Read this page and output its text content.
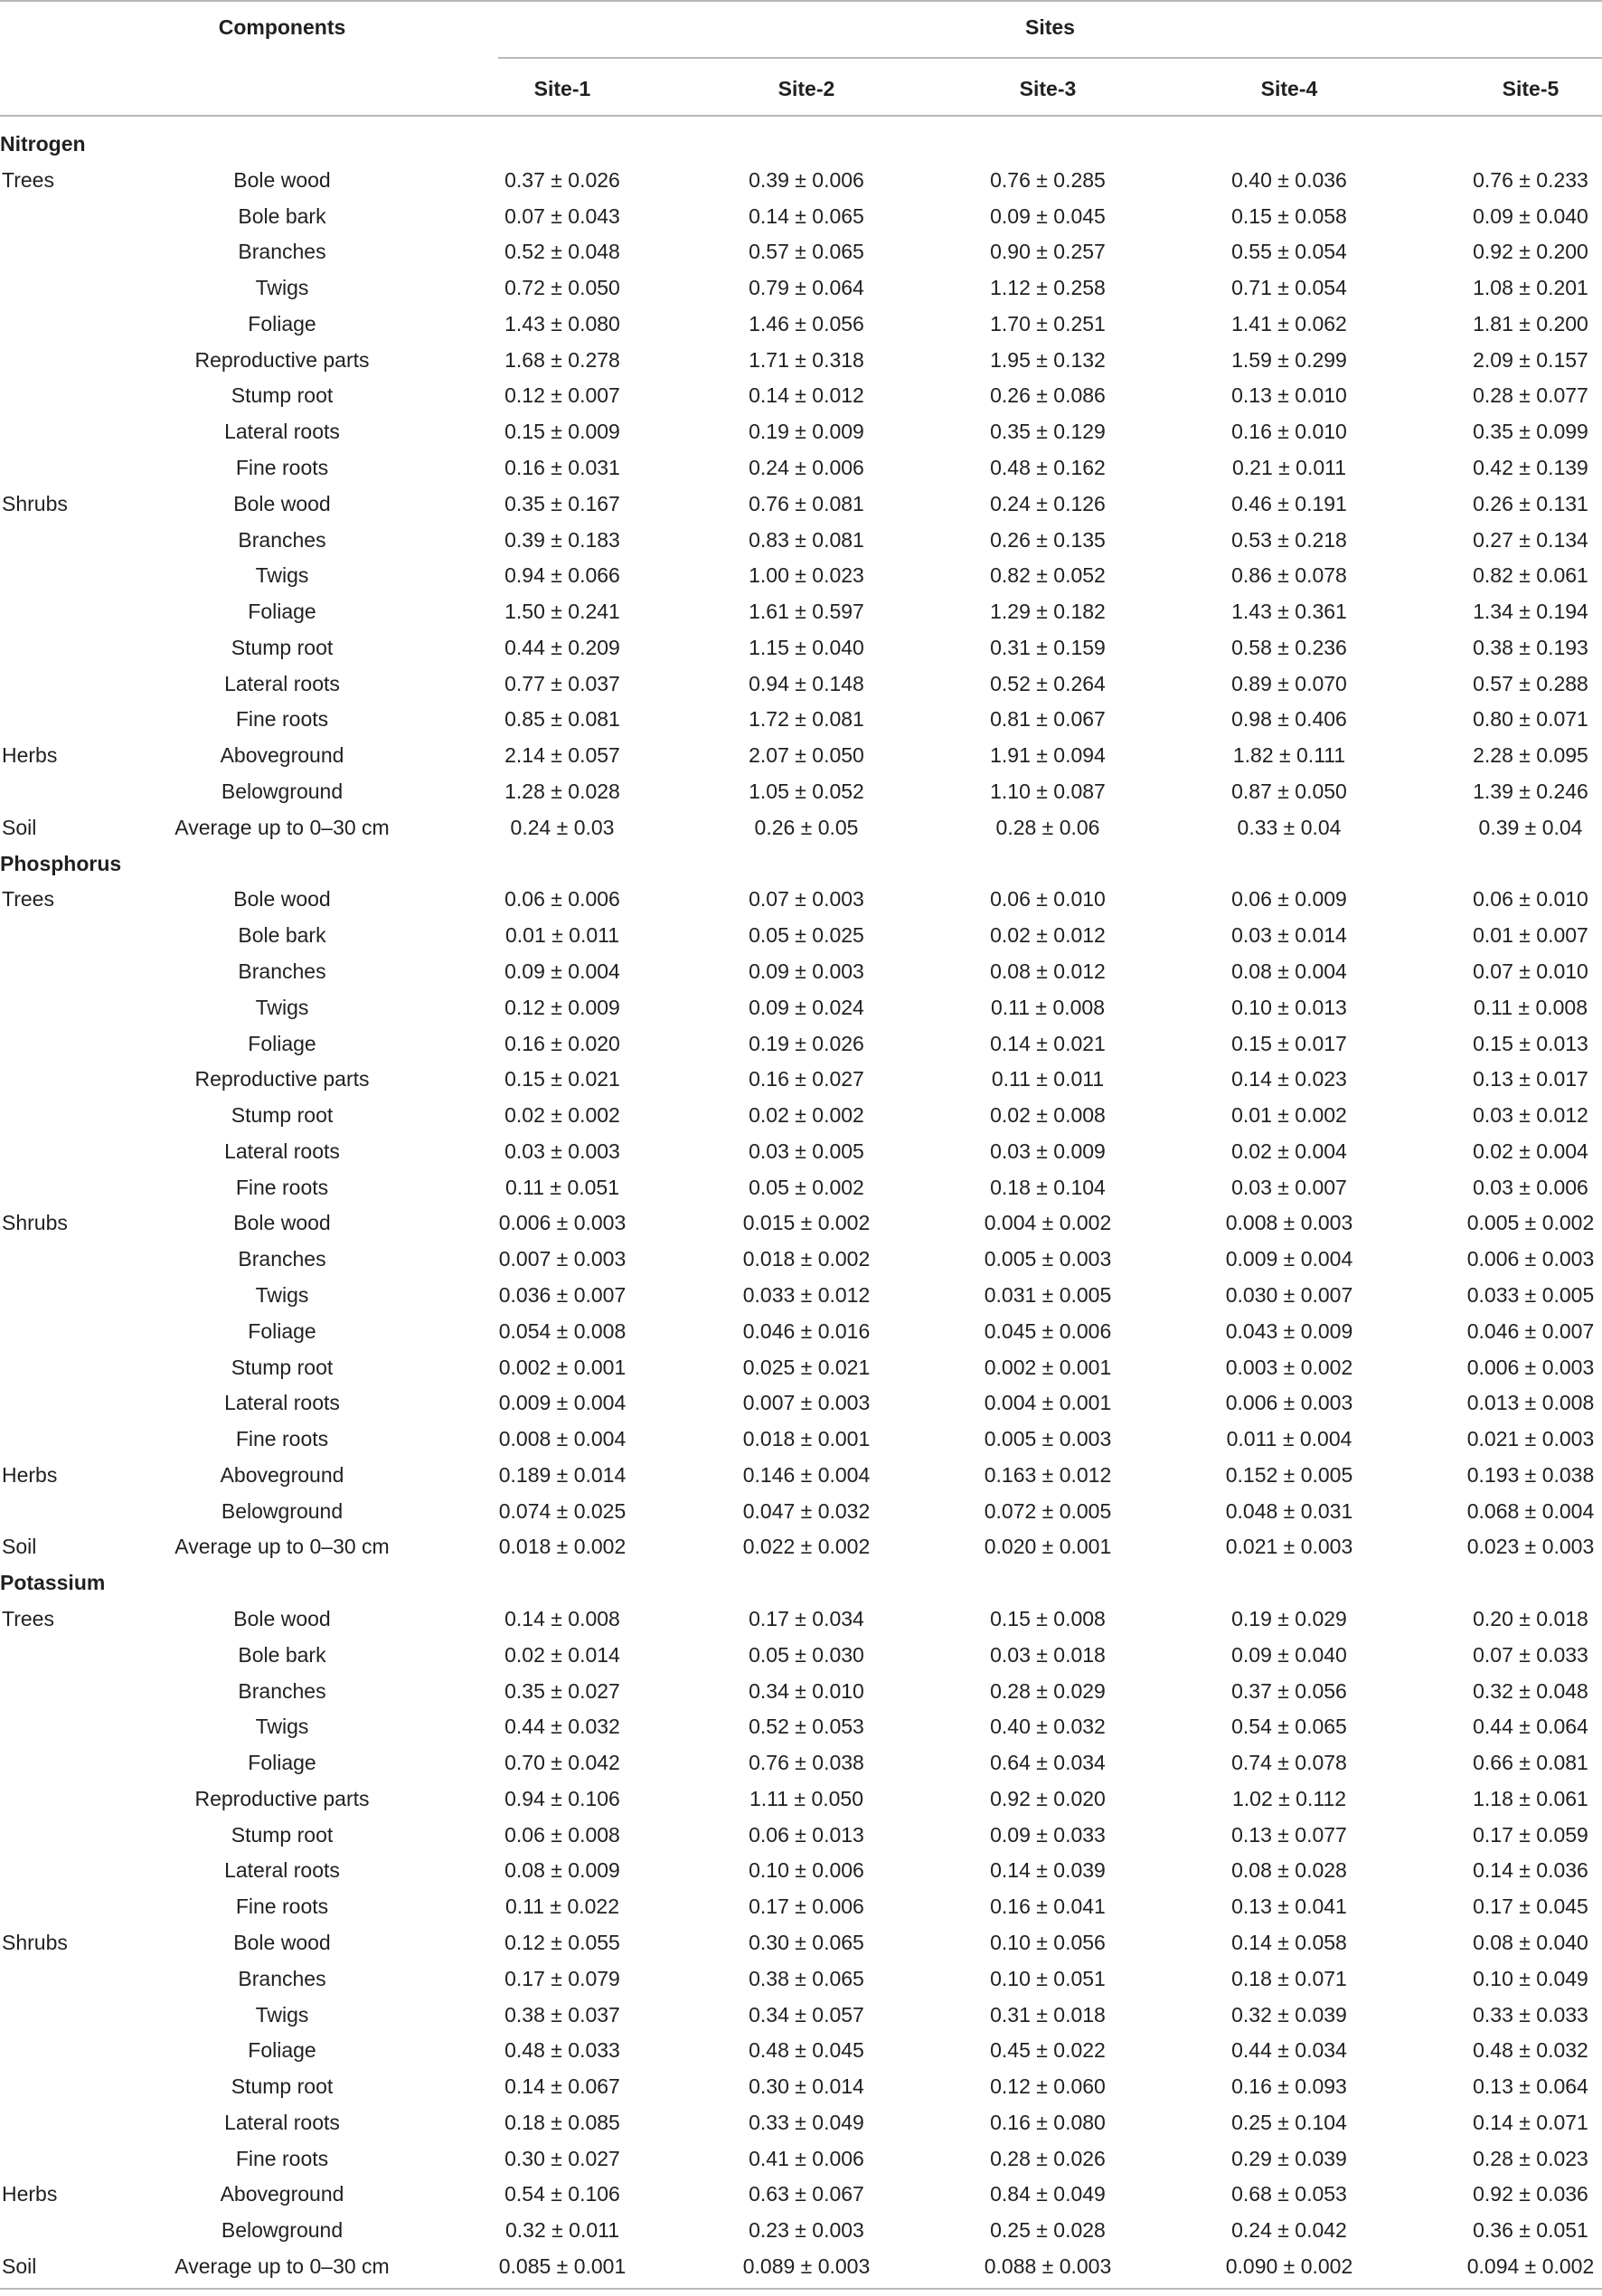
Components	Sites
Site-1	Site-2	Site-3	Site-4	Site-5
Nitrogen
Trees	Bole wood	0.37 ± 0.026	0.39 ± 0.006	0.76 ± 0.285	0.40 ± 0.036	0.76 ± 0.233
Bole bark	0.07 ± 0.043	0.14 ± 0.065	0.09 ± 0.045	0.15 ± 0.058	0.09 ± 0.040
Branches	0.52 ± 0.048	0.57 ± 0.065	0.90 ± 0.257	0.55 ± 0.054	0.92 ± 0.200
Twigs	0.72 ± 0.050	0.79 ± 0.064	1.12 ± 0.258	0.71 ± 0.054	1.08 ± 0.201
Foliage	1.43 ± 0.080	1.46 ± 0.056	1.70 ± 0.251	1.41 ± 0.062	1.81 ± 0.200
Reproductive parts	1.68 ± 0.278	1.71 ± 0.318	1.95 ± 0.132	1.59 ± 0.299	2.09 ± 0.157
Stump root	0.12 ± 0.007	0.14 ± 0.012	0.26 ± 0.086	0.13 ± 0.010	0.28 ± 0.077
Lateral roots	0.15 ± 0.009	0.19 ± 0.009	0.35 ± 0.129	0.16 ± 0.010	0.35 ± 0.099
Fine roots	0.16 ± 0.031	0.24 ± 0.006	0.48 ± 0.162	0.21 ± 0.011	0.42 ± 0.139
Shrubs	Bole wood	0.35 ± 0.167	0.76 ± 0.081	0.24 ± 0.126	0.46 ± 0.191	0.26 ± 0.131
Branches	0.39 ± 0.183	0.83 ± 0.081	0.26 ± 0.135	0.53 ± 0.218	0.27 ± 0.134
Twigs	0.94 ± 0.066	1.00 ± 0.023	0.82 ± 0.052	0.86 ± 0.078	0.82 ± 0.061
Foliage	1.50 ± 0.241	1.61 ± 0.597	1.29 ± 0.182	1.43 ± 0.361	1.34 ± 0.194
Stump root	0.44 ± 0.209	1.15 ± 0.040	0.31 ± 0.159	0.58 ± 0.236	0.38 ± 0.193
Lateral roots	0.77 ± 0.037	0.94 ± 0.148	0.52 ± 0.264	0.89 ± 0.070	0.57 ± 0.288
Fine roots	0.85 ± 0.081	1.72 ± 0.081	0.81 ± 0.067	0.98 ± 0.406	0.80 ± 0.071
Herbs	Aboveground	2.14 ± 0.057	2.07 ± 0.050	1.91 ± 0.094	1.82 ± 0.111	2.28 ± 0.095
Belowground	1.28 ± 0.028	1.05 ± 0.052	1.10 ± 0.087	0.87 ± 0.050	1.39 ± 0.246
Soil	Average up to 0–30 cm	0.24 ± 0.03	0.26 ± 0.05	0.28 ± 0.06	0.33 ± 0.04	0.39 ± 0.04
Phosphorus
Trees	Bole wood	0.06 ± 0.006	0.07 ± 0.003	0.06 ± 0.010	0.06 ± 0.009	0.06 ± 0.010
Bole bark	0.01 ± 0.011	0.05 ± 0.025	0.02 ± 0.012	0.03 ± 0.014	0.01 ± 0.007
Branches	0.09 ± 0.004	0.09 ± 0.003	0.08 ± 0.012	0.08 ± 0.004	0.07 ± 0.010
Twigs	0.12 ± 0.009	0.09 ± 0.024	0.11 ± 0.008	0.10 ± 0.013	0.11 ± 0.008
Foliage	0.16 ± 0.020	0.19 ± 0.026	0.14 ± 0.021	0.15 ± 0.017	0.15 ± 0.013
Reproductive parts	0.15 ± 0.021	0.16 ± 0.027	0.11 ± 0.011	0.14 ± 0.023	0.13 ± 0.017
Stump root	0.02 ± 0.002	0.02 ± 0.002	0.02 ± 0.008	0.01 ± 0.002	0.03 ± 0.012
Lateral roots	0.03 ± 0.003	0.03 ± 0.005	0.03 ± 0.009	0.02 ± 0.004	0.02 ± 0.004
Fine roots	0.11 ± 0.051	0.05 ± 0.002	0.18 ± 0.104	0.03 ± 0.007	0.03 ± 0.006
Shrubs	Bole wood	0.006 ± 0.003	0.015 ± 0.002	0.004 ± 0.002	0.008 ± 0.003	0.005 ± 0.002
Branches	0.007 ± 0.003	0.018 ± 0.002	0.005 ± 0.003	0.009 ± 0.004	0.006 ± 0.003
Twigs	0.036 ± 0.007	0.033 ± 0.012	0.031 ± 0.005	0.030 ± 0.007	0.033 ± 0.005
Foliage	0.054 ± 0.008	0.046 ± 0.016	0.045 ± 0.006	0.043 ± 0.009	0.046 ± 0.007
Stump root	0.002 ± 0.001	0.025 ± 0.021	0.002 ± 0.001	0.003 ± 0.002	0.006 ± 0.003
Lateral roots	0.009 ± 0.004	0.007 ± 0.003	0.004 ± 0.001	0.006 ± 0.003	0.013 ± 0.008
Fine roots	0.008 ± 0.004	0.018 ± 0.001	0.005 ± 0.003	0.011 ± 0.004	0.021 ± 0.003
Herbs	Aboveground	0.189 ± 0.014	0.146 ± 0.004	0.163 ± 0.012	0.152 ± 0.005	0.193 ± 0.038
Belowground	0.074 ± 0.025	0.047 ± 0.032	0.072 ± 0.005	0.048 ± 0.031	0.068 ± 0.004
Soil	Average up to 0–30 cm	0.018 ± 0.002	0.022 ± 0.002	0.020 ± 0.001	0.021 ± 0.003	0.023 ± 0.003
Potassium
Trees	Bole wood	0.14 ± 0.008	0.17 ± 0.034	0.15 ± 0.008	0.19 ± 0.029	0.20 ± 0.018
Bole bark	0.02 ± 0.014	0.05 ± 0.030	0.03 ± 0.018	0.09 ± 0.040	0.07 ± 0.033
Branches	0.35 ± 0.027	0.34 ± 0.010	0.28 ± 0.029	0.37 ± 0.056	0.32 ± 0.048
Twigs	0.44 ± 0.032	0.52 ± 0.053	0.40 ± 0.032	0.54 ± 0.065	0.44 ± 0.064
Foliage	0.70 ± 0.042	0.76 ± 0.038	0.64 ± 0.034	0.74 ± 0.078	0.66 ± 0.081
Reproductive parts	0.94 ± 0.106	1.11 ± 0.050	0.92 ± 0.020	1.02 ± 0.112	1.18 ± 0.061
Stump root	0.06 ± 0.008	0.06 ± 0.013	0.09 ± 0.033	0.13 ± 0.077	0.17 ± 0.059
Lateral roots	0.08 ± 0.009	0.10 ± 0.006	0.14 ± 0.039	0.08 ± 0.028	0.14 ± 0.036
Fine roots	0.11 ± 0.022	0.17 ± 0.006	0.16 ± 0.041	0.13 ± 0.041	0.17 ± 0.045
Shrubs	Bole wood	0.12 ± 0.055	0.30 ± 0.065	0.10 ± 0.056	0.14 ± 0.058	0.08 ± 0.040
Branches	0.17 ± 0.079	0.38 ± 0.065	0.10 ± 0.051	0.18 ± 0.071	0.10 ± 0.049
Twigs	0.38 ± 0.037	0.34 ± 0.057	0.31 ± 0.018	0.32 ± 0.039	0.33 ± 0.033
Foliage	0.48 ± 0.033	0.48 ± 0.045	0.45 ± 0.022	0.44 ± 0.034	0.48 ± 0.032
Stump root	0.14 ± 0.067	0.30 ± 0.014	0.12 ± 0.060	0.16 ± 0.093	0.13 ± 0.064
Lateral roots	0.18 ± 0.085	0.33 ± 0.049	0.16 ± 0.080	0.25 ± 0.104	0.14 ± 0.071
Fine roots	0.30 ± 0.027	0.41 ± 0.006	0.28 ± 0.026	0.29 ± 0.039	0.28 ± 0.023
Herbs	Aboveground	0.54 ± 0.106	0.63 ± 0.067	0.84 ± 0.049	0.68 ± 0.053	0.92 ± 0.036
Belowground	0.32 ± 0.011	0.23 ± 0.003	0.25 ± 0.028	0.24 ± 0.042	0.36 ± 0.051
Soil	Average up to 0–30 cm	0.085 ± 0.001	0.089 ± 0.003	0.088 ± 0.003	0.090 ± 0.002	0.094 ± 0.002
